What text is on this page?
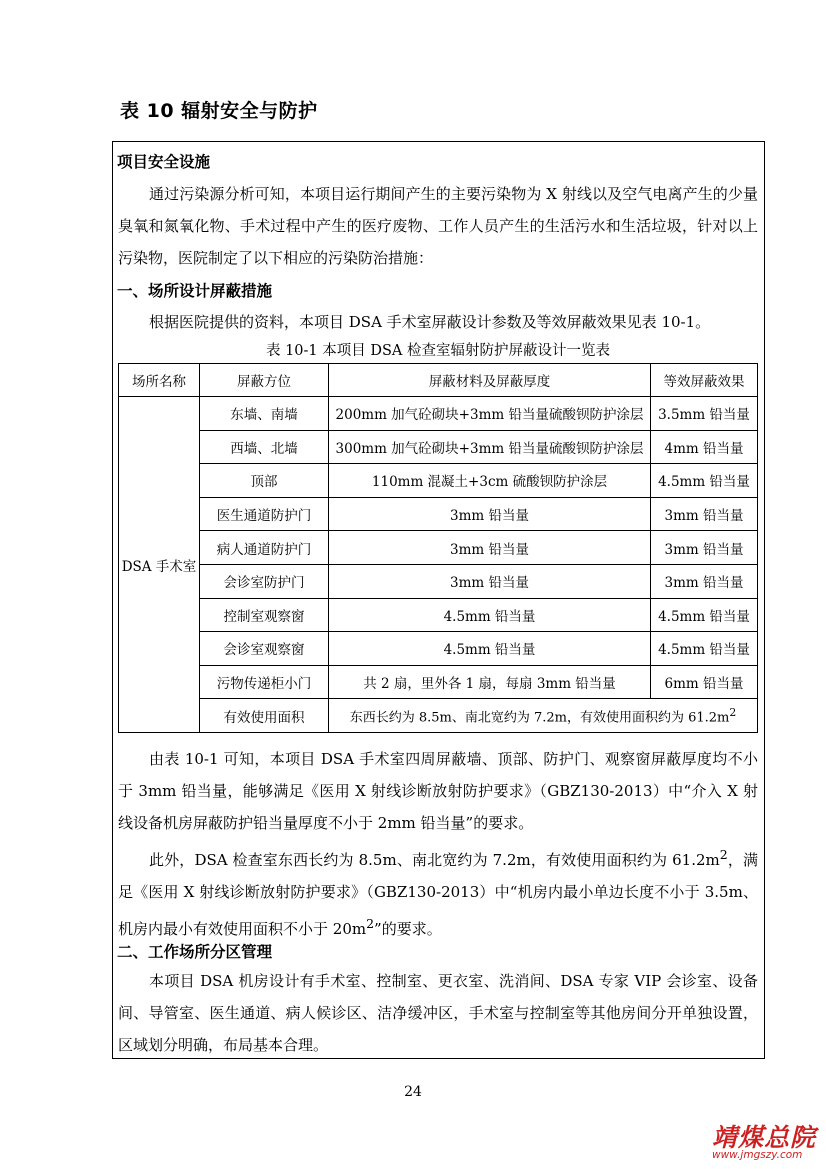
表 10 辐射安全与防护
项目安全设施

通过污染源分析可知，本项目运行期间产生的主要污染物为 X 射线以及空气电离产生的少量臭氧和氮氧化物、手术过程中产生的医疗废物、工作人员产生的生活污水和生活垃圾，针对以上污染物，医院制定了以下相应的污染防治措施：

一、场所设计屏蔽措施

根据医院提供的资料，本项目 DSA 手术室屏蔽设计参数及等效屏蔽效果见表 10-1。

表 10-1 本项目 DSA 检查室辐射防护屏蔽设计一览表
场所名称	屏蔽方位	屏蔽材料及屏蔽厚度	等效屏蔽效果
DSA 手术室	东墙、南墙	200mm 加气砼砌块+3mm 铅当量硫酸钡防护涂层	3.5mm 铅当量
	西墙、北墙	300mm 加气砼砌块+3mm 铅当量硫酸钡防护涂层	4mm 铅当量
	顶部	110mm 混凝土+3cm 硫酸钡防护涂层	4.5mm 铅当量
	医生通道防护门	3mm 铅当量	3mm 铅当量
	病人通道防护门	3mm 铅当量	3mm 铅当量
	会诊室防护门	3mm 铅当量	3mm 铅当量
	控制室观察窗	4.5mm 铅当量	4.5mm 铅当量
	会诊室观察窗	4.5mm 铅当量	4.5mm 铅当量
	污物传递柜小门	共 2 扇，里外各 1 扇，每扇 3mm 铅当量	6mm 铅当量
	有效使用面积	东西长约为 8.5m、南北宽约为 7.2m，有效使用面积约为 $61.2m^2$

由表 10-1 可知，本项目 DSA 手术室四周屏蔽墙、顶部、防护门、观察窗屏蔽厚度均不小于 3mm 铅当量，能够满足《医用 X 射线诊断放射防护要求》（GBZ130-2013）中“介入 X 射线设备机房屏蔽防护铅当量厚度不小于 2mm 铅当量”的要求。

此外，DSA 检查室东西长约为 8.5m、南北宽约为 7.2m，有效使用面积约为 $61.2m^2$，满足《医用 X 射线诊断放射防护要求》（GBZ130-2013）中“机房内最小单边长度不小于 3.5m、机房内最小有效使用面积不小于 $20m^2$”的要求。

二、工作场所分区管理

本项目 DSA 机房设计有手术室、控制室、更衣室、洗消间、DSA 专家 VIP 会诊室、设备间、导管室、医生通道、病人候诊区、洁净缓冲区，手术室与控制室等其他房间分开单独设置，区域划分明确，布局基本合理。

24
靖煤总院
www.jmgszy.com
